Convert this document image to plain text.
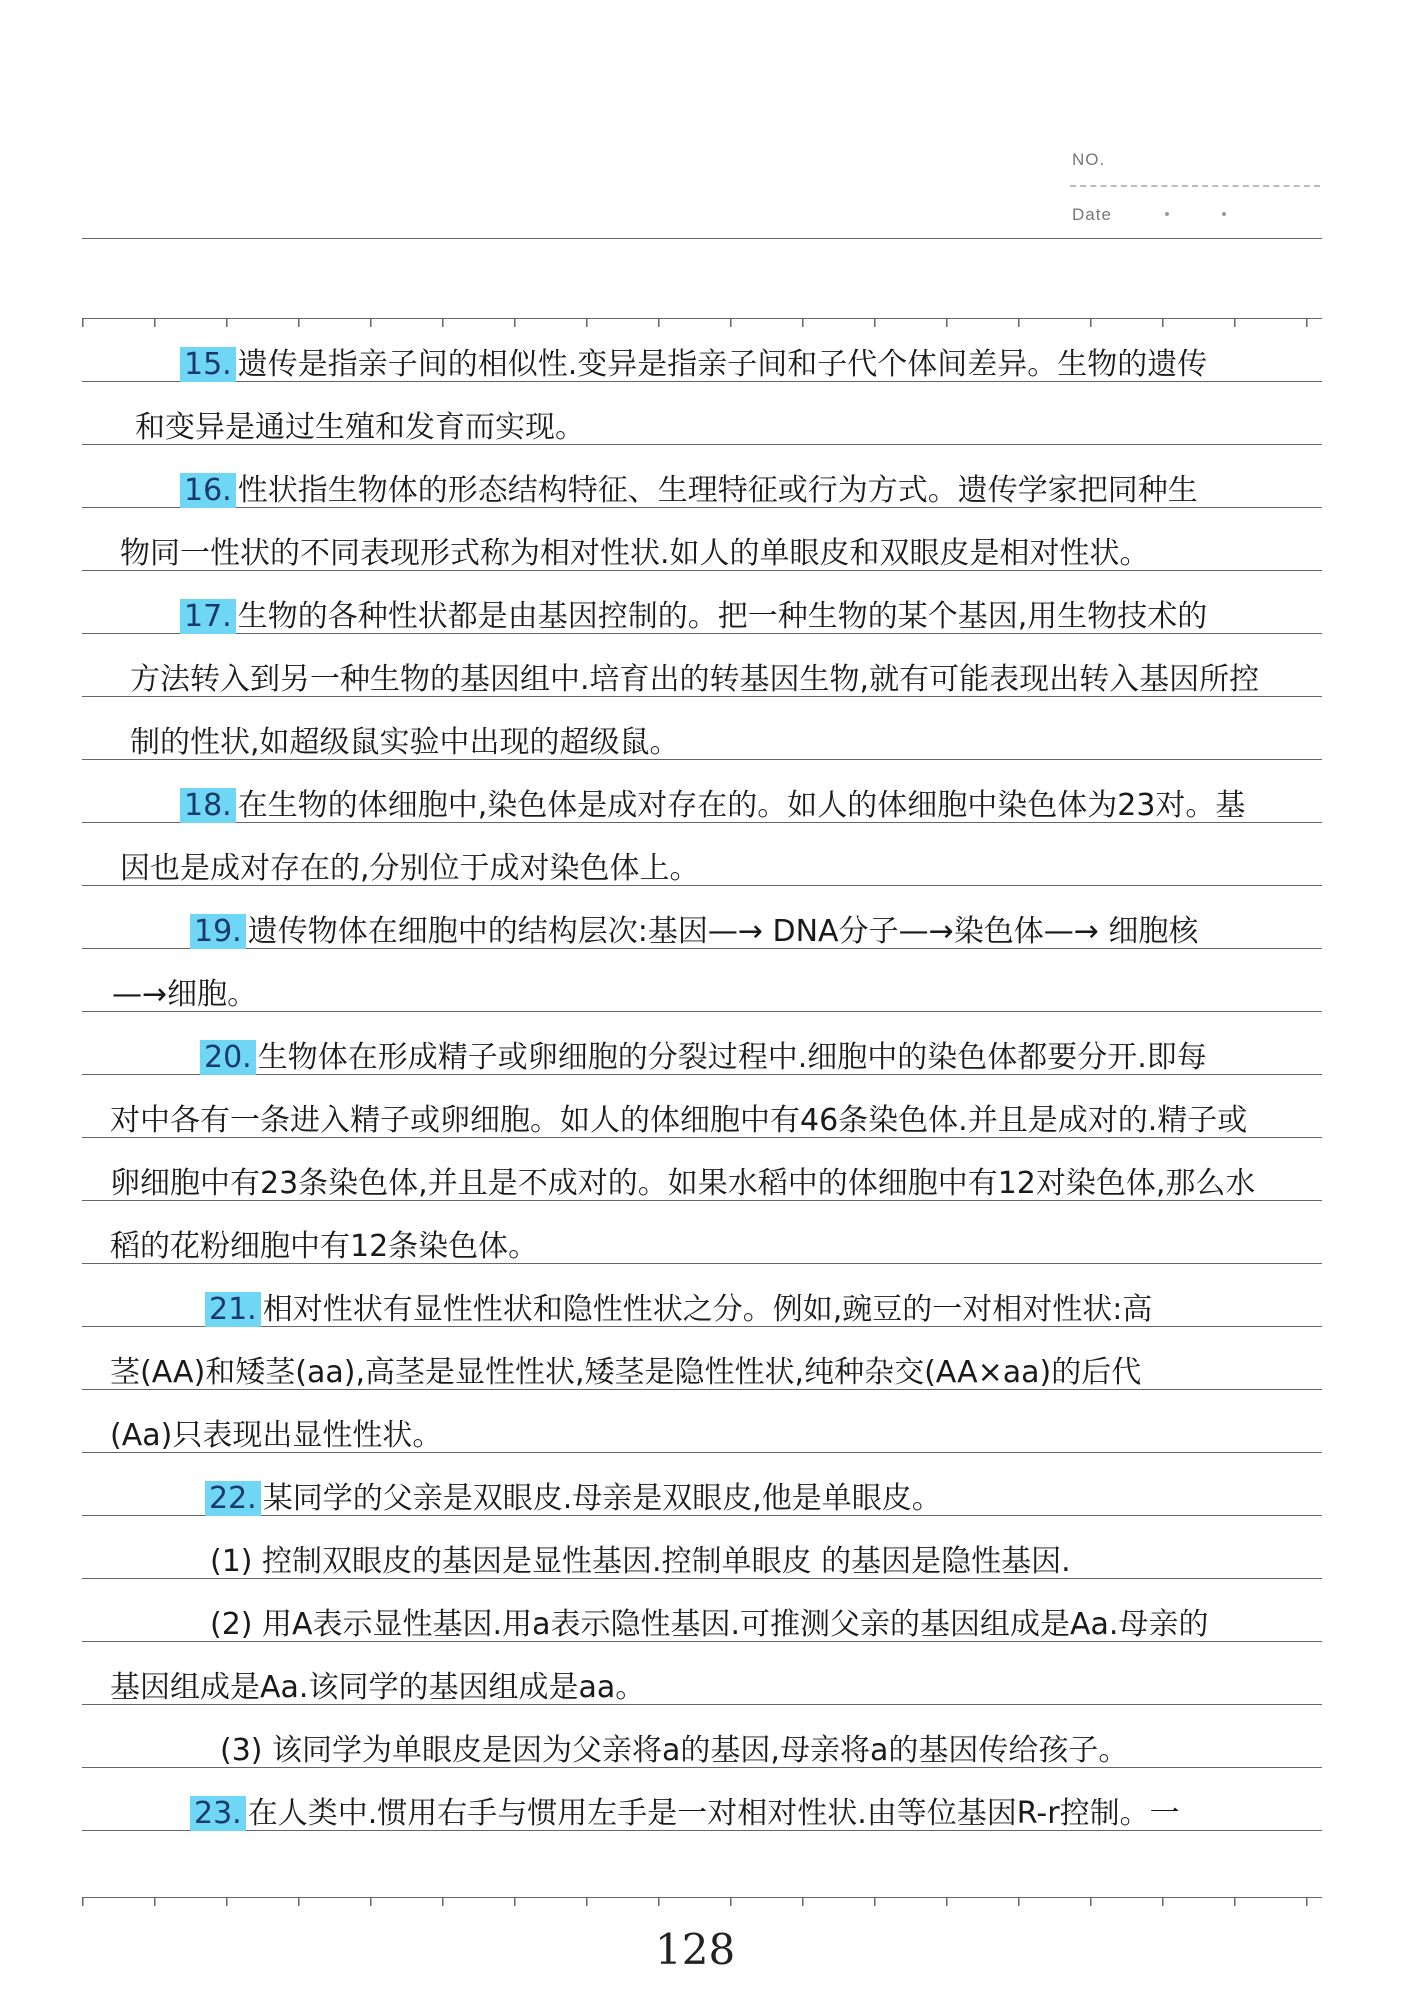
NO.
Date
15. 遗传是指亲子间的相似性.变异是指亲子间和子代个体间差异。生物的遗传
和变异是通过生殖和发育而实现。
16. 性状指生物体的形态结构特征、生理特征或行为方式。遗传学家把同种生
物同一性状的不同表现形式称为相对性状.如人的单眼皮和双眼皮是相对性状。
17. 生物的各种性状都是由基因控制的。把一种生物的某个基因,用生物技术的
方法转入到另一种生物的基因组中.培育出的转基因生物,就有可能表现出转入基因所控
制的性状,如超级鼠实验中出现的超级鼠。
18. 在生物的体细胞中,染色体是成对存在的。如人的体细胞中染色体为23对。基
因也是成对存在的,分别位于成对染色体上。
19. 遗传物体在细胞中的结构层次:基因—→ DNA分子—→染色体—→ 细胞核
—→细胞。
20. 生物体在形成精子或卵细胞的分裂过程中.细胞中的染色体都要分开.即每
对中各有一条进入精子或卵细胞。如人的体细胞中有46条染色体.并且是成对的.精子或
卵细胞中有23条染色体,并且是不成对的。如果水稻中的体细胞中有12对染色体,那么水
稻的花粉细胞中有12条染色体。
21. 相对性状有显性性状和隐性性状之分。例如,豌豆的一对相对性状:高
茎(AA)和矮茎(aa),高茎是显性性状,矮茎是隐性性状,纯种杂交(AA×aa)的后代
(Aa)只表现出显性性状。
22. 某同学的父亲是双眼皮.母亲是双眼皮,他是单眼皮。
(1) 控制双眼皮的基因是显性基因.控制单眼皮 的基因是隐性基因.
(2) 用A表示显性基因.用a表示隐性基因.可推测父亲的基因组成是Aa.母亲的
基因组成是Aa.该同学的基因组成是aa。
(3) 该同学为单眼皮是因为父亲将a的基因,母亲将a的基因传给孩子。
23. 在人类中.惯用右手与惯用左手是一对相对性状.由等位基因R-r控制。一
128
